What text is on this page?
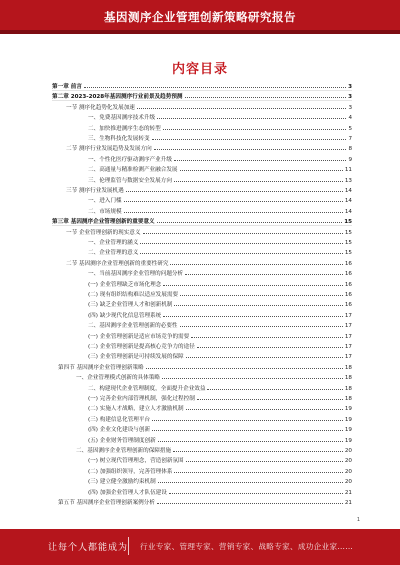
基因测序企业管理创新策略研究报告
内容目录
第一章 前言	3
第二章 2023-2028年基因测序行业前景及趋势预测	3
一节 测序化趋势化发展加速	3
一、免费基因测序技术升级	4
二、加快推进测序生态的转型	5
三、生物科技化发展转变	7
二节 测序行业发展趋势及发展方向	8
一、个性化医疗驱动测序产业升级	9
二、高通量与精准检测产业融合发展	11
三、伦理监管与数据安全发展方向	13
三节 测序行业发展机遇	14
一、进入门槛	14
二、市场规模	14
第三章 基因测序企业管理创新的重要意义	15
一节 企业管理创新的现实意义	15
一、企业管理的涵义	15
二、企业管理的意义	15
二节 基因测序企业管理创新的重要性研究	16
一、当前基因测序企业管理的问题分析	16
(一) 企业管理缺乏市场化理念	16
(二) 现有组织结构难以适应发展需要	16
(三) 缺乏企业管理人才和创新机制	16
(四) 缺少现代化信息管理系统	17
二、基因测序企业管理创新的必要性	17
(一) 企业管理创新是适应市场竞争的需要	17
(二) 企业管理创新是提高核心竞争力的途径	17
(三) 企业管理创新是可持续发展的保障	17
第四节 基因测序企业管理创新策略	18
一、企业管理模式创新的具体策略	18
二、构建现代企业管理制度，全面提升企业效益	18
(一) 完善企业内部管理机制，强化过程控制	18
(二) 实施人才战略，建立人才激励机制	19
(三) 构建信息化管理平台	19
(四) 企业文化建设与创新	19
(五) 企业财务管理制度创新	19
二、基因测序企业管理创新的保障措施	20
(一) 树立现代管理理念，营造创新氛围	20
(二) 加强组织领导，完善管理体系	20
(三) 建立健全激励约束机制	20
(四) 加强企业管理人才队伍建设	21
第五节 基因测序企业管理创新案例分析	21
1
让每个人都能成为 行业专家、管理专家、营销专家、战略专家、成功企业家……
